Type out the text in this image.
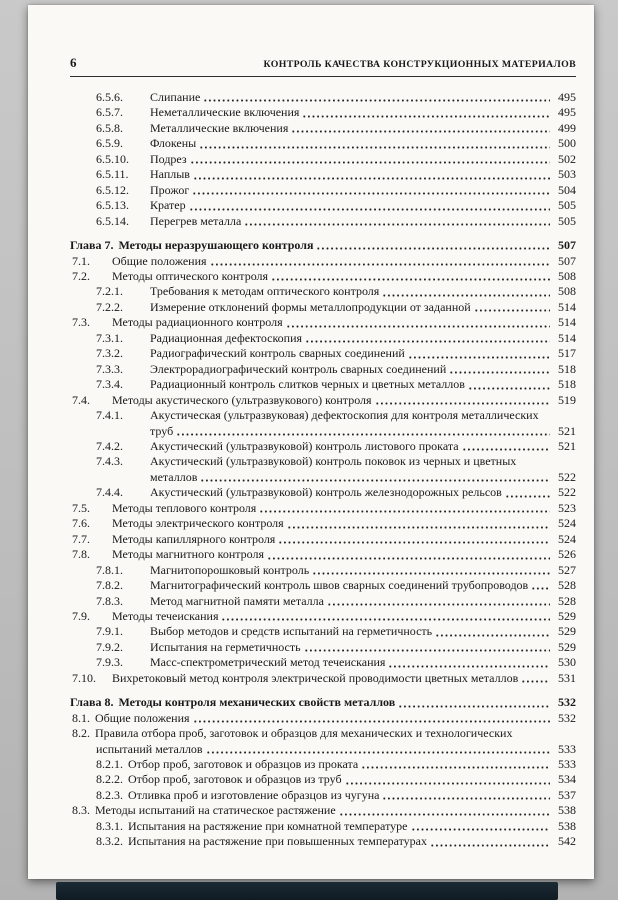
6	КОНТРОЛЬ КАЧЕСТВА КОНСТРУКЦИОННЫХ МАТЕРИАЛОВ
6.5.6.	Слипание	495
6.5.7.	Неметаллические включения	495
6.5.8.	Металлические включения	499
6.5.9.	Флокены	500
6.5.10.	Подрез	502
6.5.11.	Наплыв	503
6.5.12.	Прожог	504
6.5.13.	Кратер	505
6.5.14.	Перегрев металла	505
Глава 7. Методы неразрушающего контроля	507
7.1.	Общие положения	507
7.2.	Методы оптического контроля	508
7.2.1.	Требования к методам оптического контроля	508
7.2.2.	Измерение отклонений формы металлопродукции от заданной	514
7.3.	Методы радиационного контроля	514
7.3.1.	Радиационная дефектоскопия	514
7.3.2.	Радиографический контроль сварных соединений	517
7.3.3.	Электрорадиографический контроль сварных соединений	518
7.3.4.	Радиационный контроль слитков черных и цветных металлов	518
7.4.	Методы акустического (ультразвукового) контроля	519
7.4.1.	Акустическая (ультразвуковая) дефектоскопия для контроля металлических
труб	521
7.4.2.	Акустический (ультразвуковой) контроль листового проката	521
7.4.3.	Акустический (ультразвуковой) контроль поковок из черных и цветных
металлов	522
7.4.4.	Акустический (ультразвуковой) контроль железнодорожных рельсов	522
7.5.	Методы теплового контроля	523
7.6.	Методы электрического контроля	524
7.7.	Методы капиллярного контроля	524
7.8.	Методы магнитного контроля	526
7.8.1.	Магнитопорошковый контроль	527
7.8.2.	Магнитографический контроль швов сварных соединений трубопроводов	528
7.8.3.	Метод магнитной памяти металла	528
7.9.	Методы течеискания	529
7.9.1.	Выбор методов и средств испытаний на герметичность	529
7.9.2.	Испытания на герметичность	529
7.9.3.	Масс-спектрометрический метод течеискания	530
7.10.	Вихретоковый метод контроля электрической проводимости цветных металлов	531
Глава 8. Методы контроля механических свойств металлов	532
8.1. Общие положения	532
8.2. Правила отбора проб, заготовок и образцов для механических и технологических
испытаний металлов	533
8.2.1. Отбор проб, заготовок и образцов из проката	533
8.2.2. Отбор проб, заготовок и образцов из труб	534
8.2.3. Отливка проб и изготовление образцов из чугуна	537
8.3. Методы испытаний на статическое растяжение	538
8.3.1. Испытания на растяжение при комнатной температуре	538
8.3.2. Испытания на растяжение при повышенных температурах	542
